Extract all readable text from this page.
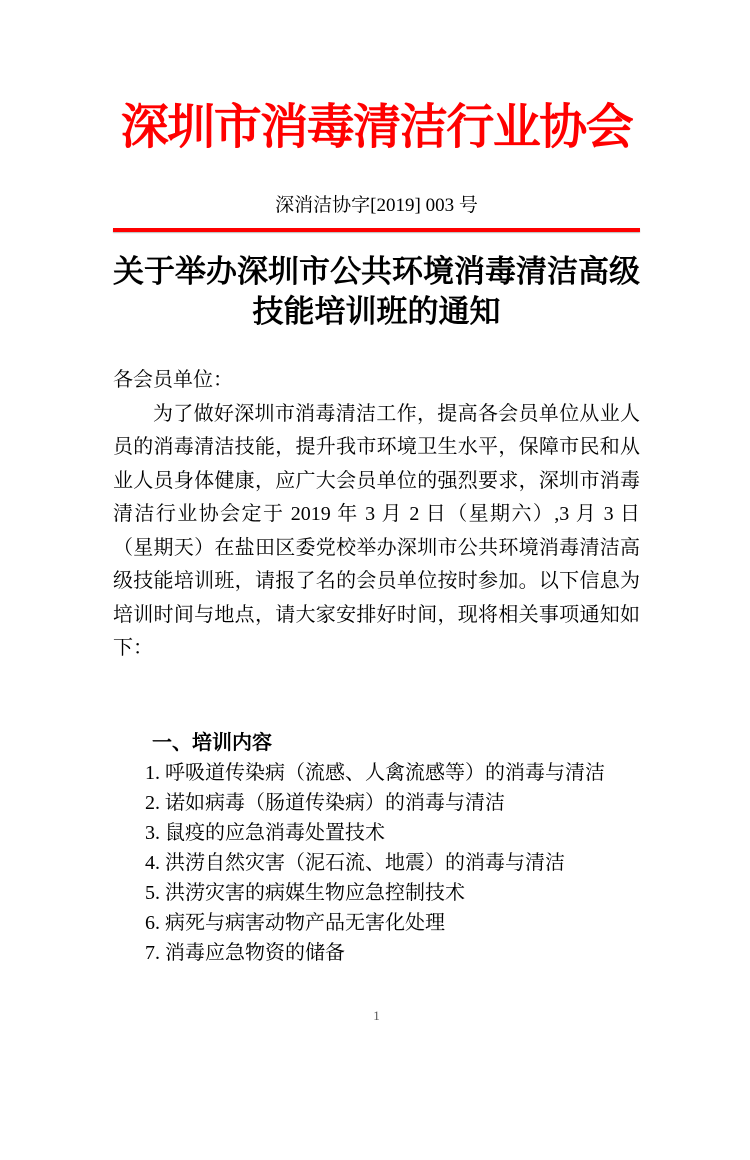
深圳市消毒清洁行业协会
深消洁协字[2019] 003 号
关于举办深圳市公共环境消毒清洁高级
技能培训班的通知
各会员单位：

为了做好深圳市消毒清洁工作，提高各会员单位从业人员的消毒清洁技能，提升我市环境卫生水平，保障市民和从业人员身体健康，应广大会员单位的强烈要求，深圳市消毒清洁行业协会定于 2019 年 3 月 2 日（星期六）,3 月 3 日（星期天）在盐田区委党校举办深圳市公共环境消毒清洁高级技能培训班，请报了名的会员单位按时参加。以下信息为培训时间与地点，请大家安排好时间，现将相关事项通知如下：

一、培训内容
1. 呼吸道传染病（流感、人禽流感等）的消毒与清洁
2. 诺如病毒（肠道传染病）的消毒与清洁
3. 鼠疫的应急消毒处置技术
4. 洪涝自然灾害（泥石流、地震）的消毒与清洁
5. 洪涝灾害的病媒生物应急控制技术
6. 病死与病害动物产品无害化处理
7. 消毒应急物资的储备
1
